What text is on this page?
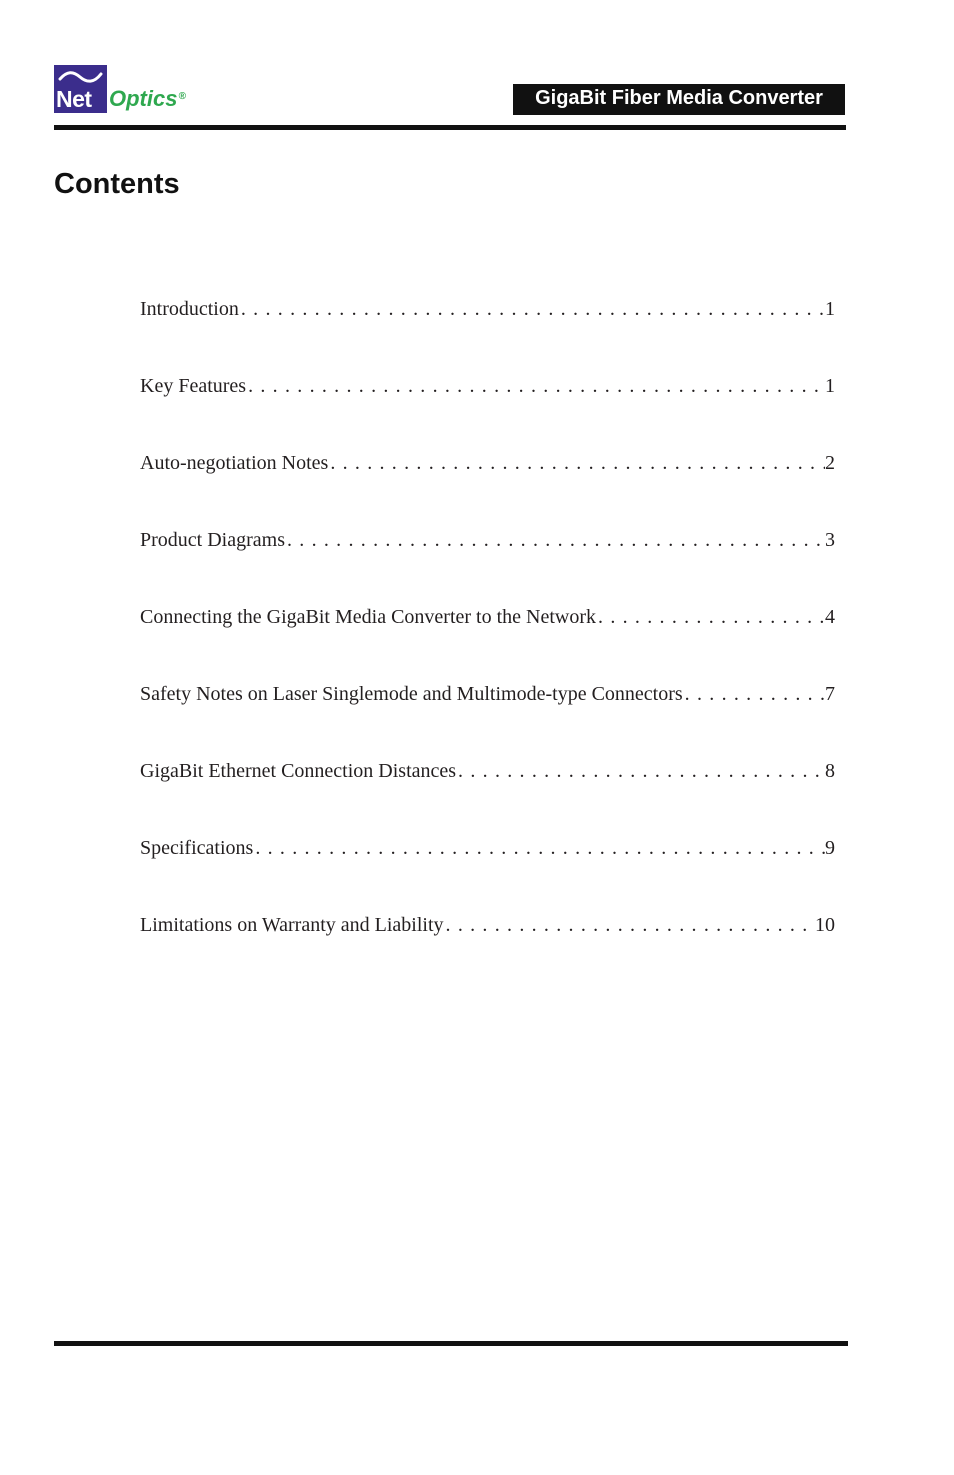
Net Optics®	GigaBit Fiber Media Converter
Contents
Introduction . . .	1
Key Features . . .	1
Auto-negotiation Notes . . .	2
Product Diagrams . . .	3
Connecting the GigaBit Media Converter to the Network . . .	4
Safety Notes on Laser Singlemode and Multimode-type Connectors . . .	7
GigaBit Ethernet Connection Distances . . .	8
Specifications . . .	9
Limitations on Warranty and Liability . . .	10
